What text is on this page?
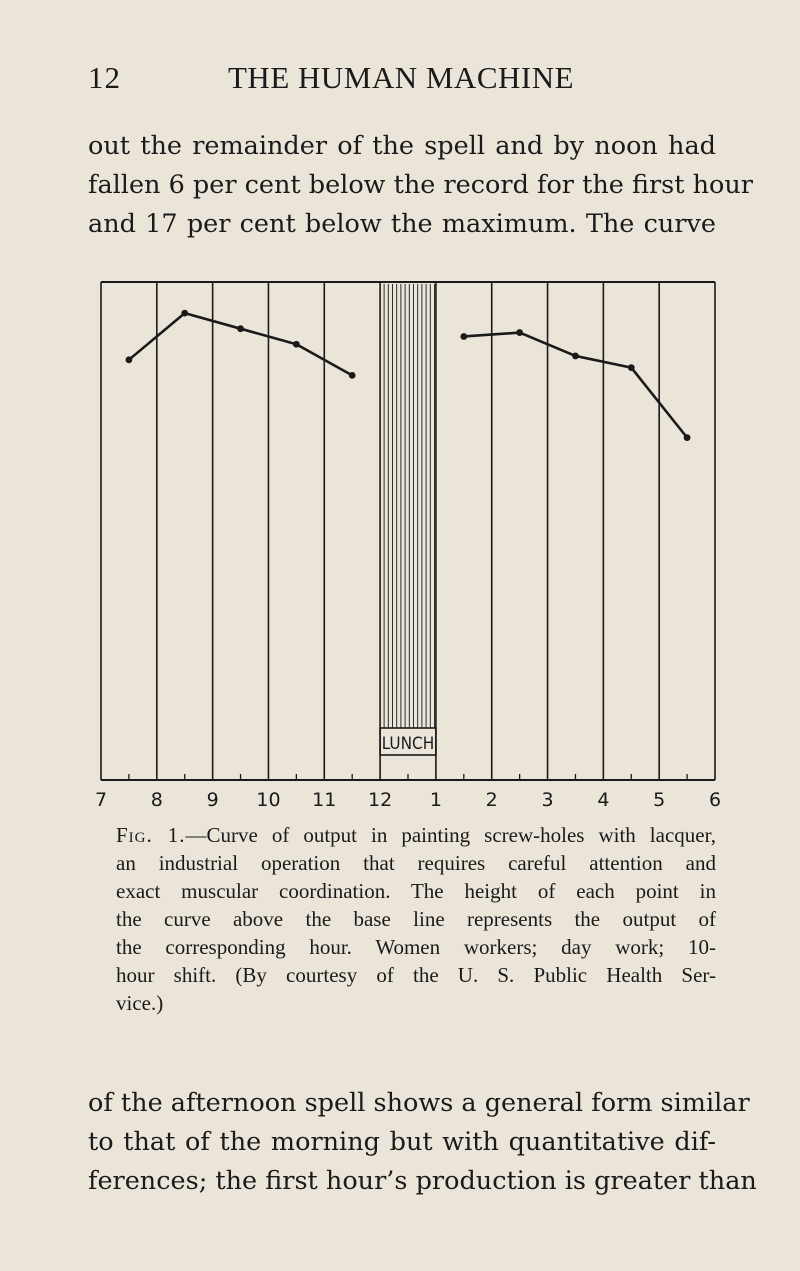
12	THE HUMAN MACHINE
out the remainder of the spell and by noon had
fallen 6 per cent below the record for the first hour
and 17 per cent below the maximum. The curve
LUNCH
7 8 9 10 11 12 1 2 3 4 5 6
Fig. 1.—Curve of output in painting screw-holes with lacquer,
an industrial operation that requires careful attention and
exact muscular coordination. The height of each point in
the curve above the base line represents the output of
the corresponding hour. Women workers; day work; 10-
hour shift. (By courtesy of the U. S. Public Health Ser-
vice.)
of the afternoon spell shows a general form similar
to that of the morning but with quantitative dif-
ferences; the first hour’s production is greater than
